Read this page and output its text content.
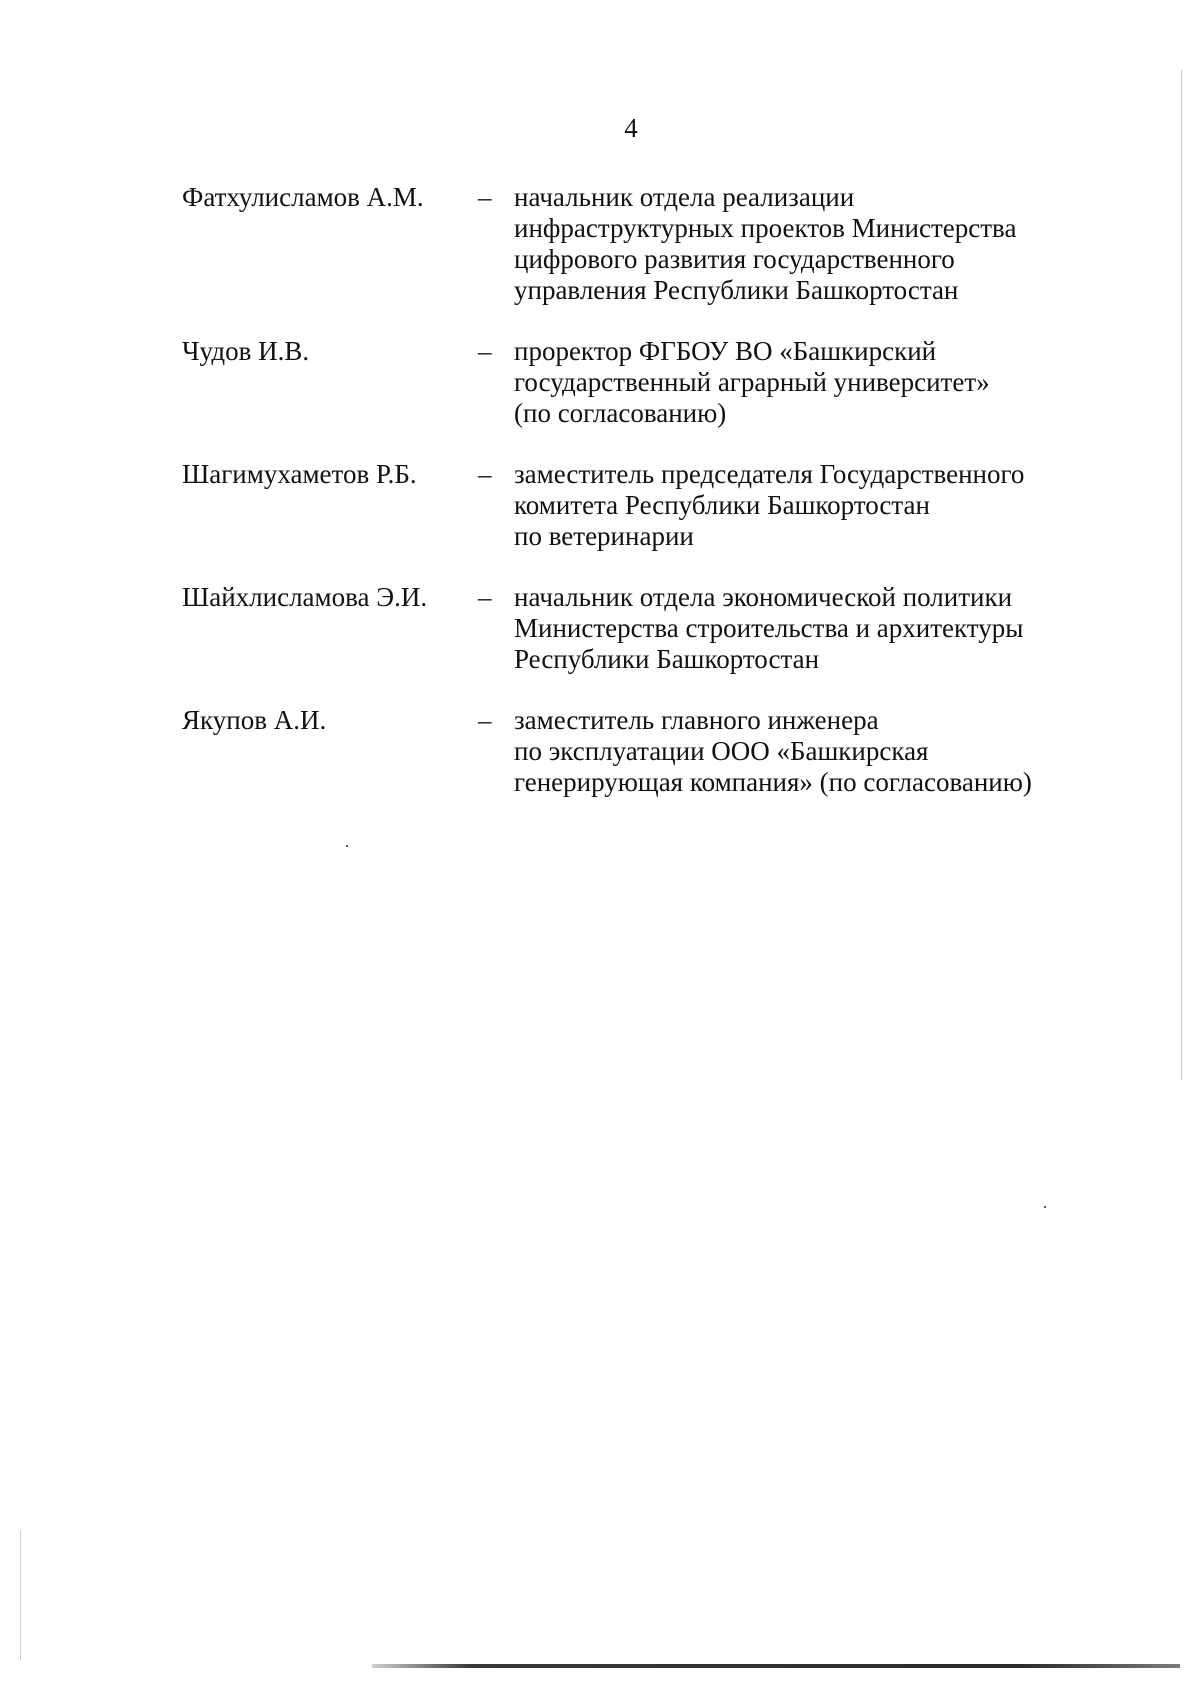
4
Фатхулисламов А.М. – начальник отдела реализации
инфраструктурных проектов Министерства
цифрового развития государственного
управления Республики Башкортостан
Чудов И.В.	– проректор ФГБОУ ВО «Башкирский
государственный аграрный университет»
(по согласованию)
Шагимухаметов Р.Б. – заместитель председателя Государственного
комитета Республики Башкортостан
по ветеринарии
Шайхлисламова Э.И. – начальник отдела экономической политики
Министерства строительства и архитектуры
Республики Башкортостан
Якупов А.И.	– заместитель главного инженера
по эксплуатации ООО «Башкирская
генерирующая компания» (по согласованию)
